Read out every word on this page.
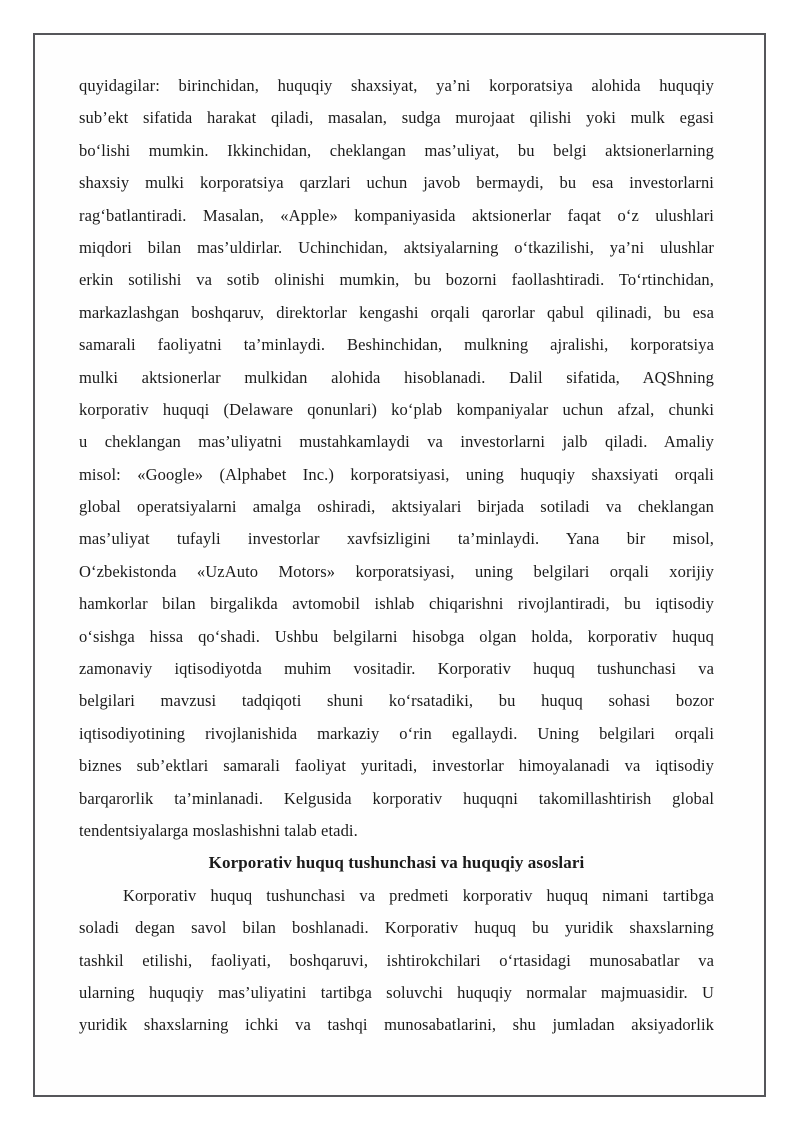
quyidagilar: birinchidan, huquqiy shaxsiyat, ya’ni korporatsiya alohida huquqiy
sub’ekt sifatida harakat qiladi, masalan, sudga murojaat qilishi yoki mulk egasi
bo‘lishi mumkin. Ikkinchidan, cheklangan mas’uliyat, bu belgi aktsionerlarning
shaxsiy mulki korporatsiya qarzlari uchun javob bermaydi, bu esa investorlarni
rag‘batlantiradi. Masalan, «Apple» kompaniyasida aktsionerlar faqat o‘z ulushlari
miqdori bilan mas’uldirlar. Uchinchidan, aktsiyalarning o‘tkazilishi, ya’ni ulushlar
erkin sotilishi va sotib olinishi mumkin, bu bozorni faollashtiradi. To‘rtinchidan,
markazlashgan boshqaruv, direktorlar kengashi orqali qarorlar qabul qilinadi, bu esa
samarali faoliyatni ta’minlaydi. Beshinchidan, mulkning ajralishi, korporatsiya
mulki aktsionerlar mulkidan alohida hisoblanadi. Dalil sifatida, AQShning
korporativ huquqi (Delaware qonunlari) ko‘plab kompaniyalar uchun afzal, chunki
u cheklangan mas’uliyatni mustahkamlaydi va investorlarni jalb qiladi. Amaliy
misol: «Google» (Alphabet Inc.) korporatsiyasi, uning huquqiy shaxsiyati orqali
global operatsiyalarni amalga oshiradi, aktsiyalari birjada sotiladi va cheklangan
mas’uliyat tufayli investorlar xavfsizligini ta’minlaydi. Yana bir misol,
O‘zbekistonda «UzAuto Motors» korporatsiyasi, uning belgilari orqali xorijiy
hamkorlar bilan birgalikda avtomobil ishlab chiqarishni rivojlantiradi, bu iqtisodiy
o‘sishga hissa qo‘shadi. Ushbu belgilarni hisobga olgan holda, korporativ huquq
zamonaviy iqtisodiyotda muhim vositadir. Korporativ huquq tushunchasi va
belgilari mavzusi tadqiqoti shuni ko‘rsatadiki, bu huquq sohasi bozor
iqtisodiyotining rivojlanishida markaziy o‘rin egallaydi. Uning belgilari orqali
biznes sub’ektlari samarali faoliyat yuritadi, investorlar himoyalanadi va iqtisodiy
barqarorlik ta’minlanadi. Kelgusida korporativ huquqni takomillashtirish global
tendentsiyalarga moslashishni talab etadi.
Korporativ huquq tushunchasi va huquqiy asoslari
Korporativ huquq tushunchasi va predmeti korporativ huquq nimani tartibga
soladi degan savol bilan boshlanadi. Korporativ huquq bu yuridik shaxslarning
tashkil etilishi, faoliyati, boshqaruvi, ishtirokchilari o‘rtasidagi munosabatlar va
ularning huquqiy mas’uliyatini tartibga soluvchi huquqiy normalar majmuasidir. U
yuridik shaxslarning ichki va tashqi munosabatlarini, shu jumladan aksiyadorlik
